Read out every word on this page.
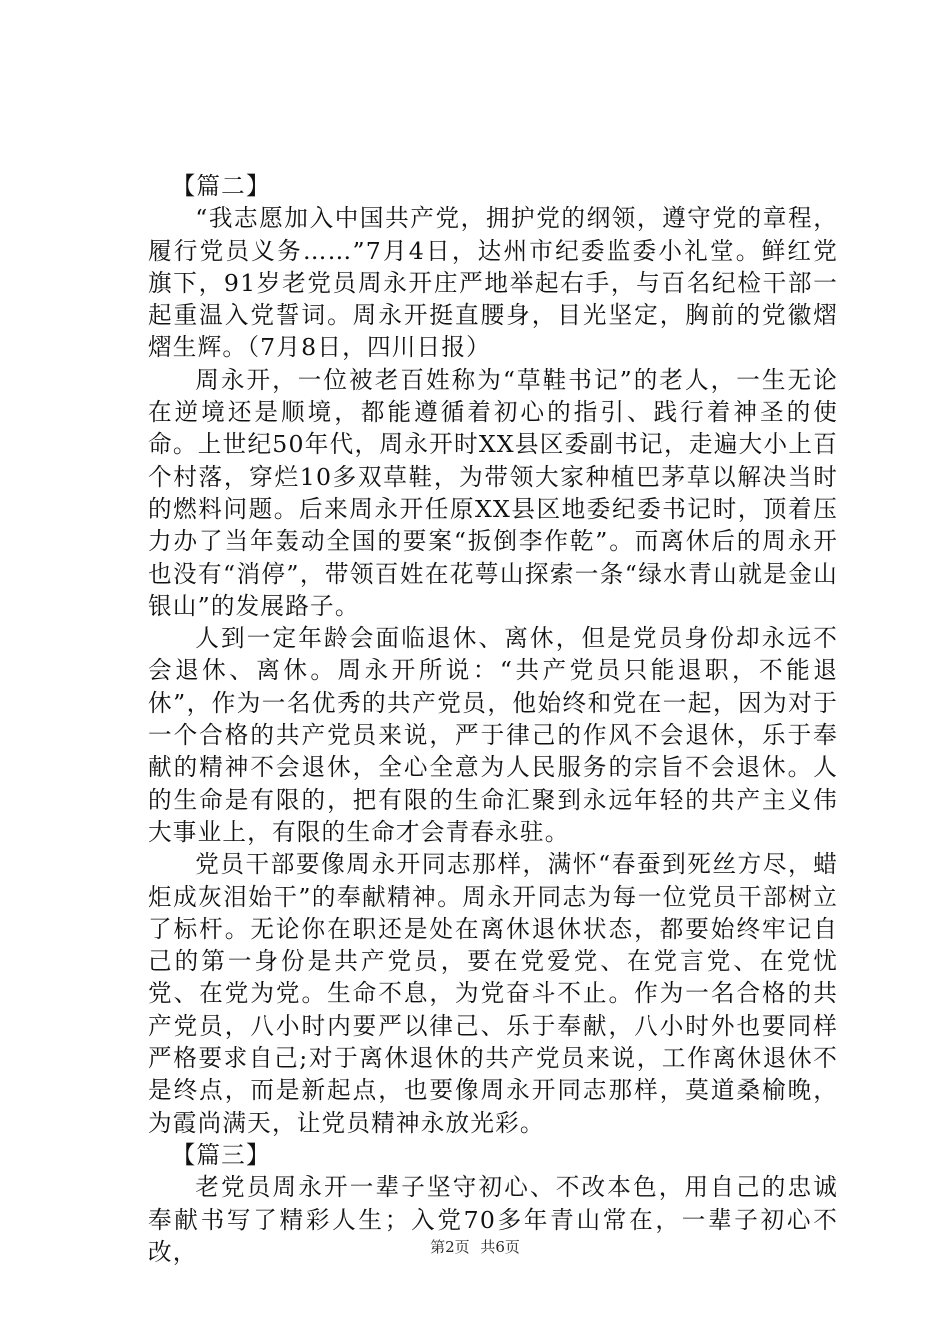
【篇二】

“我志愿加入中国共产党，拥护党的纲领，遵守党的章程，履行党员义务……”7月4日，达州市纪委监委小礼堂。鲜红党旗下，91岁老党员周永开庄严地举起右手，与百名纪检干部一起重温入党誓词。周永开挺直腰身，目光坚定，胸前的党徽熠熠生辉。（7月8日，四川日报）

周永开，一位被老百姓称为“草鞋书记”的老人，一生无论在逆境还是顺境，都能遵循着初心的指引、践行着神圣的使命。上世纪50年代，周永开时XX县区委副书记，走遍大小上百个村落，穿烂10多双草鞋，为带领大家种植巴茅草以解决当时的燃料问题。后来周永开任原XX县区地委纪委书记时，顶着压力办了当年轰动全国的要案“扳倒李作乾”。而离休后的周永开也没有“消停”，带领百姓在花萼山探索一条“绿水青山就是金山银山”的发展路子。

人到一定年龄会面临退休、离休，但是党员身份却永远不会退休、离休。周永开所说：“共产党员只能退职，不能退休”，作为一名优秀的共产党员，他始终和党在一起，因为对于一个合格的共产党员来说，严于律己的作风不会退休，乐于奉献的精神不会退休，全心全意为人民服务的宗旨不会退休。人的生命是有限的，把有限的生命汇聚到永远年轻的共产主义伟大事业上，有限的生命才会青春永驻。

党员干部要像周永开同志那样，满怀“春蚕到死丝方尽，蜡炬成灰泪始干”的奉献精神。周永开同志为每一位党员干部树立了标杆。无论你在职还是处在离休退休状态，都要始终牢记自己的第一身份是共产党员，要在党爱党、在党言党、在党忧党、在党为党。生命不息，为党奋斗不止。作为一名合格的共产党员，八小时内要严以律己、乐于奉献，八小时外也要同样严格要求自己;对于离休退休的共产党员来说，工作离休退休不是终点，而是新起点，也要像周永开同志那样，莫道桑榆晚，为霞尚满天，让党员精神永放光彩。

【篇三】

老党员周永开一辈子坚守初心、不改本色，用自己的忠诚奉献书写了精彩人生；入党70多年青山常在，一辈子初心不改，	第2页 共6页
